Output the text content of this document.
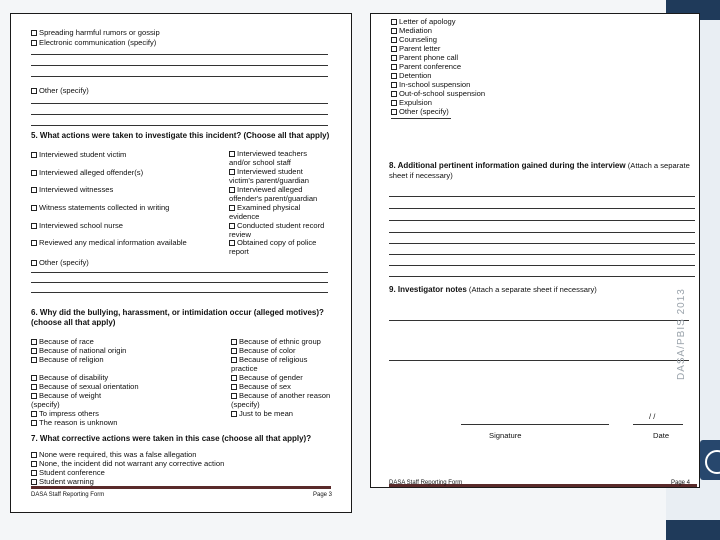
Spreading harmful rumors or gossip
Electronic communication (specify)
Other (specify)
5. What actions were taken to investigate this incident? (Choose all that apply)
Interviewed student victim
Interviewed alleged offender(s)
Interviewed witnesses
Witness statements collected in writing
Interviewed school nurse
Reviewed any medical information available
Interviewed teachers and/or school staff
Interviewed student victim's parent/guardian
Interviewed alleged offender's parent/guardian
Examined physical evidence
Conducted student record review
Obtained copy of police report
Other (specify)
6. Why did the bullying, harassment, or intimidation occur (alleged motives)? (choose all that apply)
Because of race
Because of national origin
Because of religion
Because of disability
Because of sexual orientation
Because of weight
(specify)
To impress others
The reason is unknown
Because of ethnic group
Because of color
Because of religious practice
Because of gender
Because of sex
Because of another reason (specify)
Just to be mean
7. What corrective actions were taken in this case (choose all that apply)?
None were required, this was a false allegation
None, the incident did not warrant any corrective action
Student conference
Student warning
DASA Staff Reporting Form	Page 3
Letter of apology
Mediation
Counseling
Parent letter
Parent phone call
Parent conference
Detention
In-school suspension
Out-of-school suspension
Expulsion
Other (specify)
8. Additional pertinent information gained during the interview (Attach a separate sheet if necessary)
9. Investigator notes (Attach a separate sheet if necessary)
/ /
Signature	Date
DASA Staff Reporting Form	Page 4
DASA/PBIS 2013
